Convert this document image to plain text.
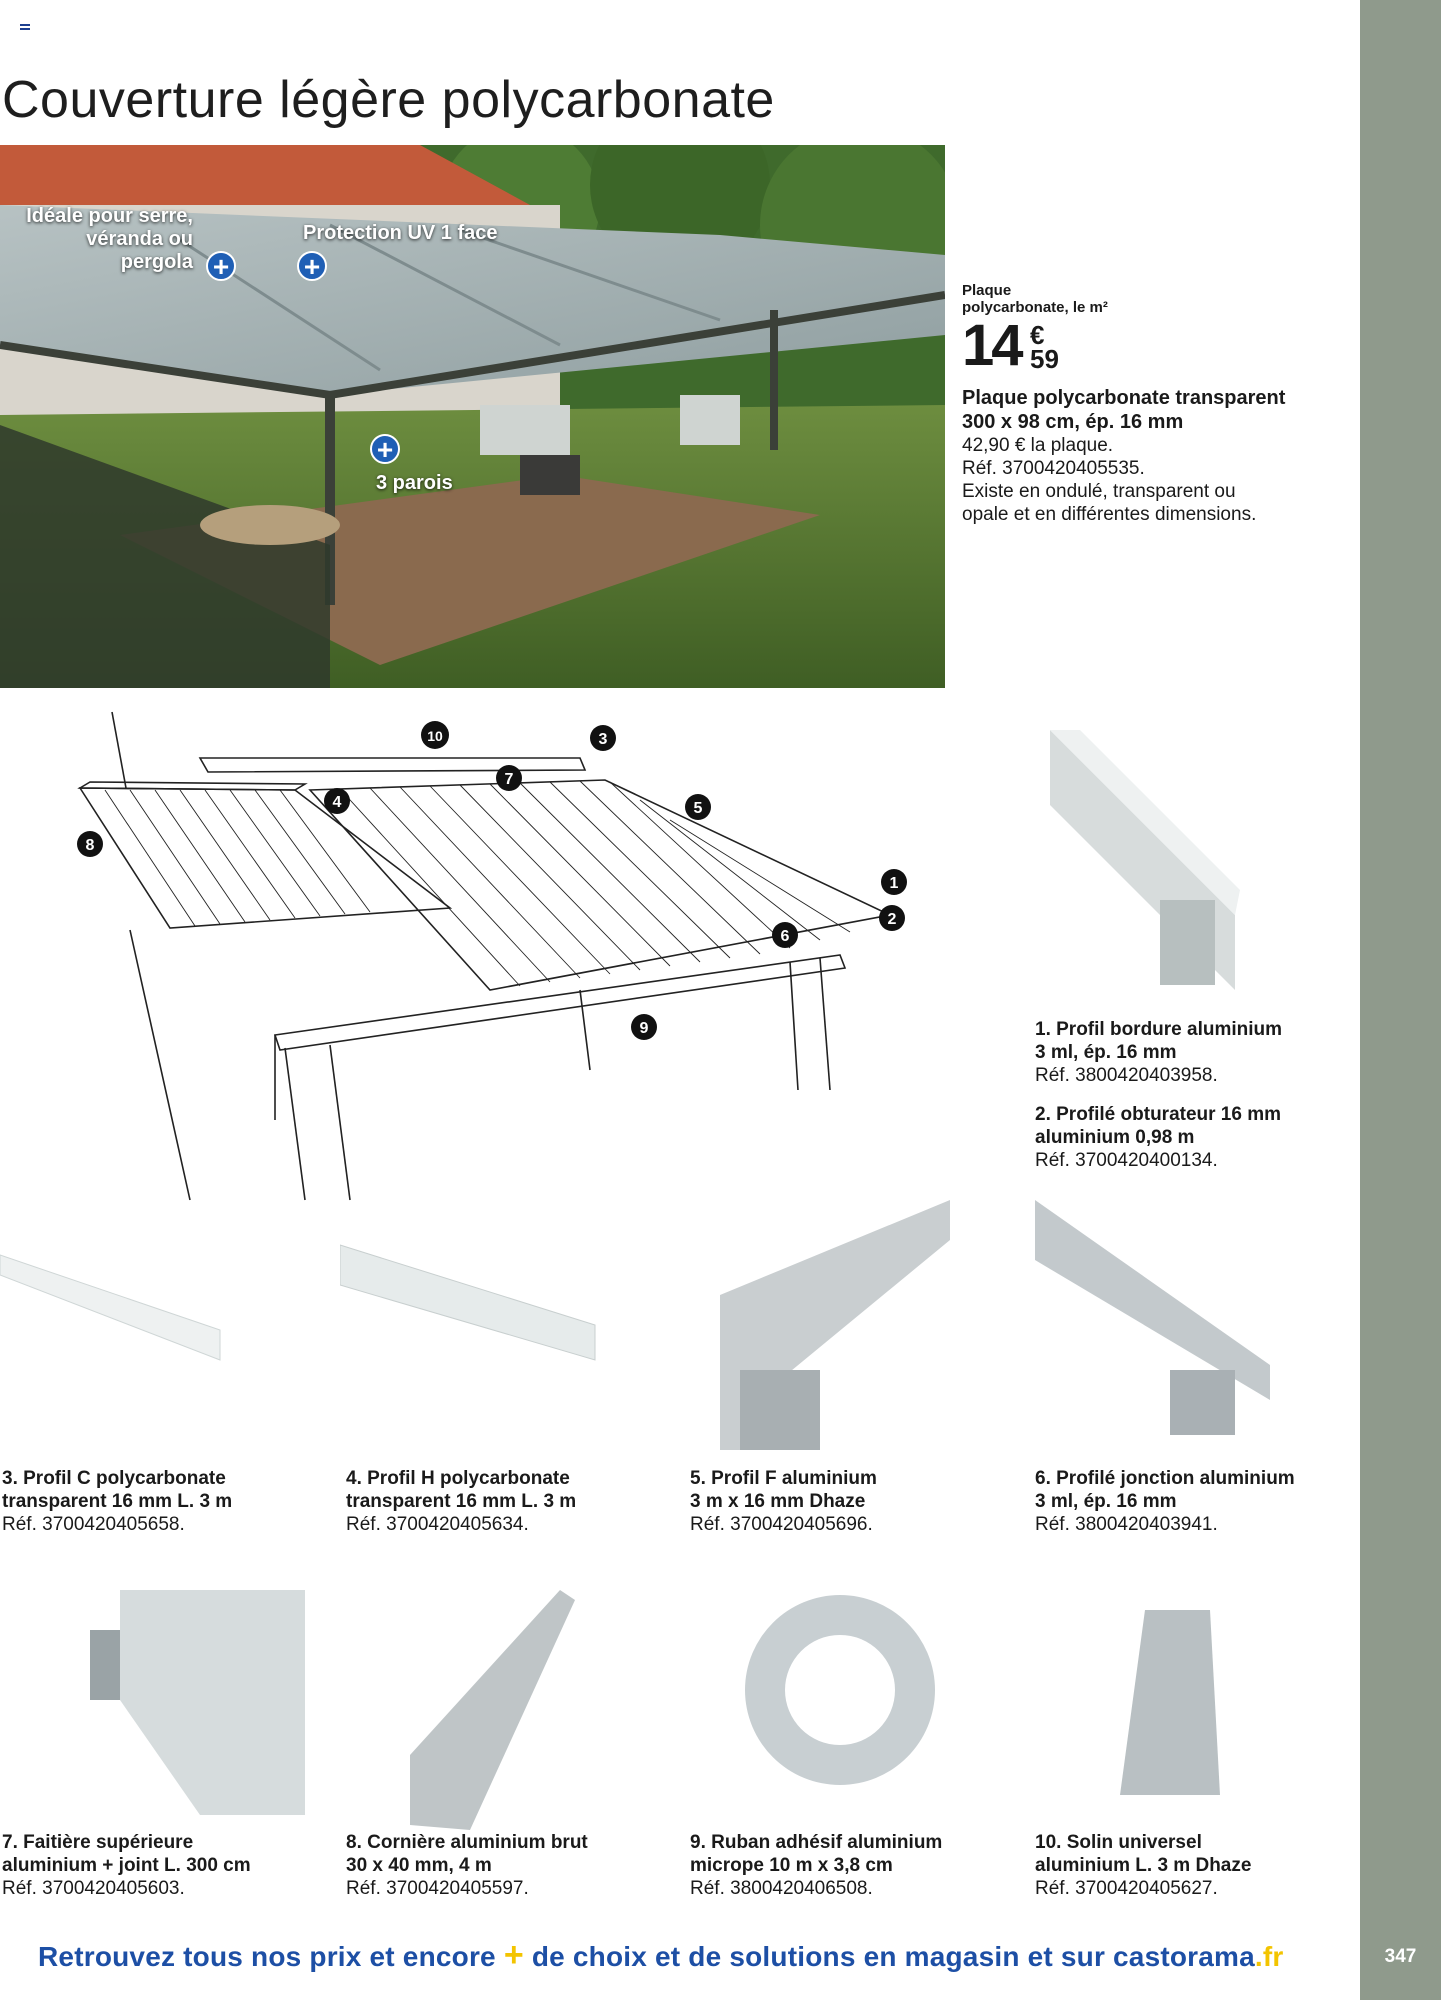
347
Couverture légère polycarbonate
Idéale pour serre,
véranda ou
pergola +
Protection UV 1 face
+
+
3 parois
Plaque
polycarbonate, le m²
14 €
59
Plaque polycarbonate transparent
300 x 98 cm, ép. 16 mm
42,90 € la plaque.
Réf. 3700420405535.
Existe en ondulé, transparent ou
opale et en différentes dimensions.
1
2
3
4	5
6
7
8
9
10
1. Profil bordure aluminium
3 ml, ép. 16 mm
Réf. 3800420403958.
2. Profilé obturateur 16 mm
aluminium 0,98 m
Réf. 3700420400134.
3. Profil C polycarbonate
transparent 16 mm L. 3 m
Réf. 3700420405658.
4. Profil H polycarbonate
transparent 16 mm L. 3 m
Réf. 3700420405634.
5. Profil F aluminium
3 m x 16 mm Dhaze
Réf. 3700420405696.
6. Profilé jonction aluminium
3 ml, ép. 16 mm
Réf. 3800420403941.
7. Faitière supérieure
aluminium + joint L. 300 cm
Réf. 3700420405603.
8. Cornière aluminium brut
30 x 40 mm, 4 m
Réf. 3700420405597.
9. Ruban adhésif aluminium
micrope 10 m x 3,8 cm
Réf. 3800420406508.
10. Solin universel
aluminium L. 3 m Dhaze
Réf. 3700420405627.
Retrouvez tous nos prix et encore + de choix et de solutions en magasin et sur castorama.fr
